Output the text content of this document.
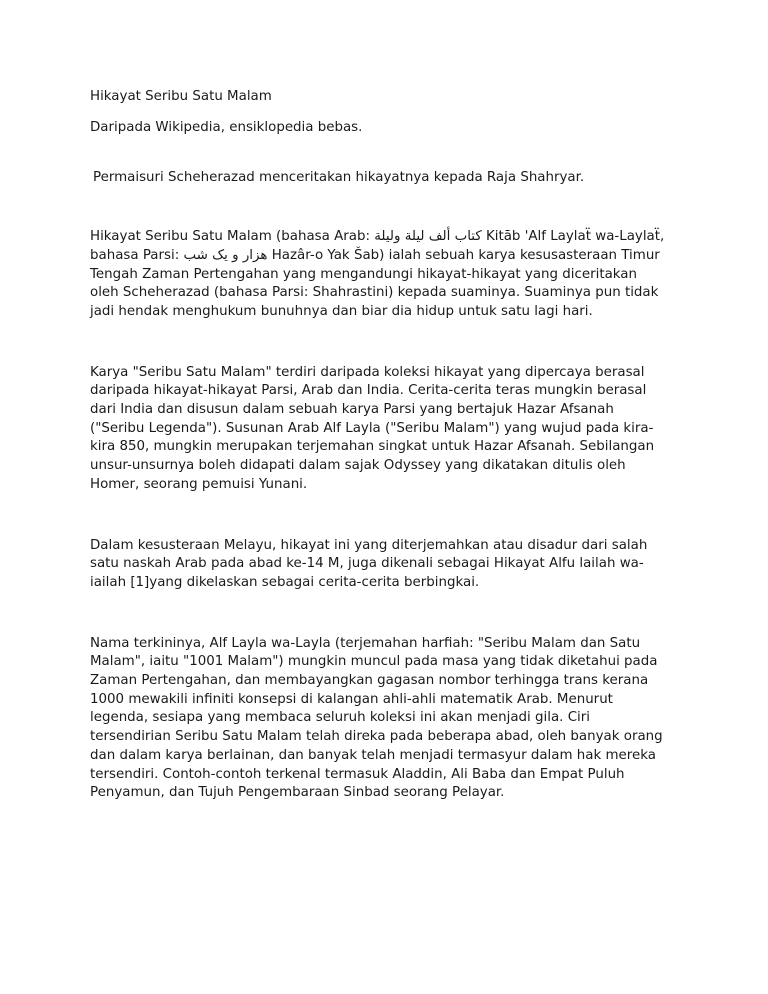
Hikayat Seribu Satu Malam

Daripada Wikipedia, ensiklopedia bebas.

Permaisuri Scheherazad menceritakan hikayatnya kepada Raja Shahryar.

Hikayat Seribu Satu Malam (bahasa Arab: كتاب ألف ليلة وليلة Kitāb 'Alf Laylaẗ wa-Laylaẗ,
bahasa Parsi: هزار و یک شب Hazâr-o Yak Šab) ialah sebuah karya kesusasteraan Timur
Tengah Zaman Pertengahan yang mengandungi hikayat-hikayat yang diceritakan
oleh Scheherazad (bahasa Parsi: Shahrastini) kepada suaminya. Suaminya pun tidak
jadi hendak menghukum bunuhnya dan biar dia hidup untuk satu lagi hari.
Karya "Seribu Satu Malam" terdiri daripada koleksi hikayat yang dipercaya berasal
daripada hikayat-hikayat Parsi, Arab dan India. Cerita-cerita teras mungkin berasal
dari India dan disusun dalam sebuah karya Parsi yang bertajuk Hazar Afsanah
("Seribu Legenda"). Susunan Arab Alf Layla ("Seribu Malam") yang wujud pada kira-
kira 850, mungkin merupakan terjemahan singkat untuk Hazar Afsanah. Sebilangan
unsur-unsurnya boleh didapati dalam sajak Odyssey yang dikatakan ditulis oleh
Homer, seorang pemuisi Yunani.
Dalam kesusteraan Melayu, hikayat ini yang diterjemahkan atau disadur dari salah
satu naskah Arab pada abad ke-14 M, juga dikenali sebagai Hikayat Alfu lailah wa-
iailah [1]yang dikelaskan sebagai cerita-cerita berbingkai.
Nama terkininya, Alf Layla wa-Layla (terjemahan harfiah: "Seribu Malam dan Satu
Malam", iaitu "1001 Malam") mungkin muncul pada masa yang tidak diketahui pada
Zaman Pertengahan, dan membayangkan gagasan nombor terhingga trans kerana
1000 mewakili infiniti konsepsi di kalangan ahli-ahli matematik Arab. Menurut
legenda, sesiapa yang membaca seluruh koleksi ini akan menjadi gila. Ciri
tersendirian Seribu Satu Malam telah direka pada beberapa abad, oleh banyak orang
dan dalam karya berlainan, dan banyak telah menjadi termasyur dalam hak mereka
tersendiri. Contoh-contoh terkenal termasuk Aladdin, Ali Baba dan Empat Puluh
Penyamun, dan Tujuh Pengembaraan Sinbad seorang Pelayar.
